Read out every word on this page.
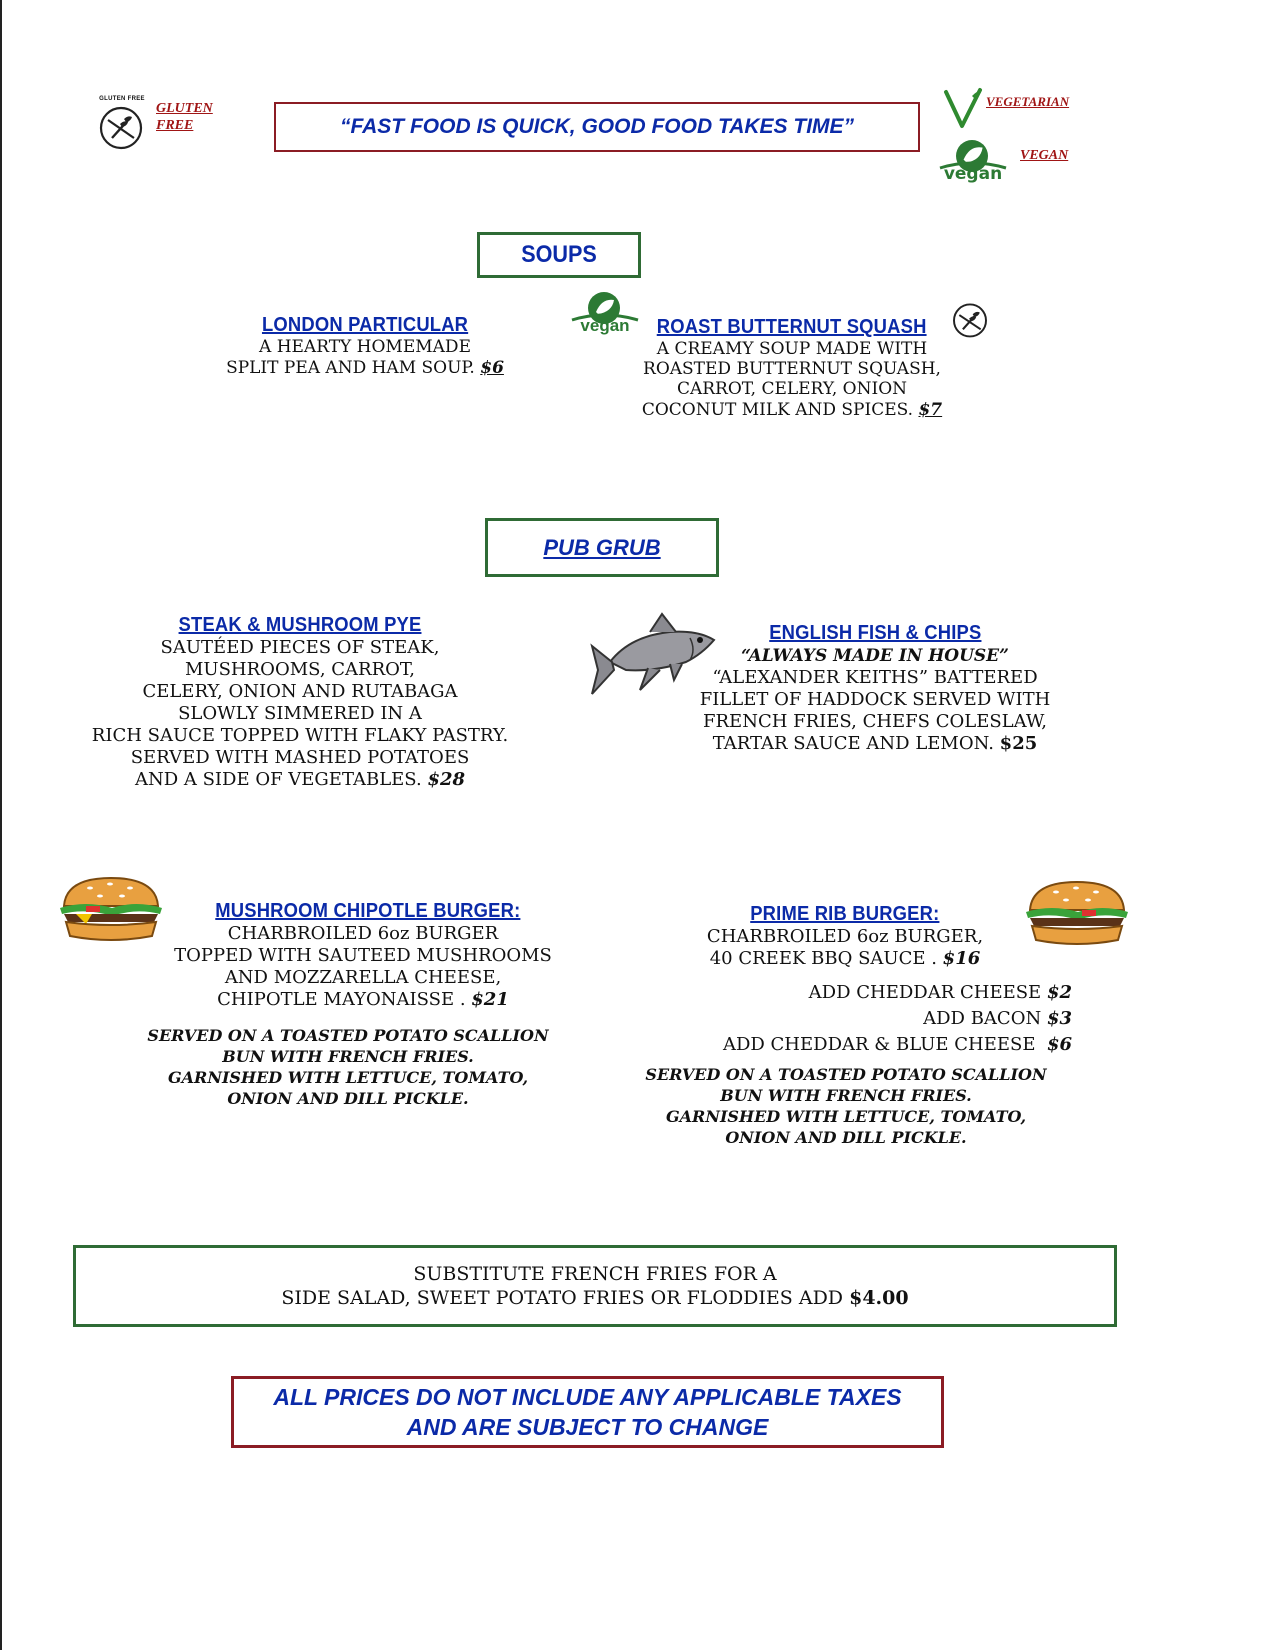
GLUTEN FREE
GLUTEN FREE	“FAST FOOD IS QUICK, GOOD FOOD TAKES TIME”
VEGETARIAN
vegan
VEGAN
SOUPS
LONDON PARTICULAR
A HEARTY HOMEMADE
SPLIT PEA AND HAM SOUP. $6
vegan	ROAST BUTTERNUT SQUASH
A CREAMY SOUP MADE WITH
ROASTED BUTTERNUT SQUASH,
CARROT, CELERY, ONION
COCONUT MILK AND SPICES. $7
PUB GRUB
STEAK & MUSHROOM PYE
SAUTÉED PIECES OF STEAK,
MUSHROOMS, CARROT,
CELERY, ONION AND RUTABAGA
SLOWLY SIMMERED IN A
RICH SAUCE TOPPED WITH FLAKY PASTRY.
SERVED WITH MASHED POTATOES
AND A SIDE OF VEGETABLES. $28
ENGLISH FISH & CHIPS
“ALWAYS MADE IN HOUSE”
“ALEXANDER KEITHS” BATTERED
FILLET OF HADDOCK SERVED WITH
FRENCH FRIES, CHEFS COLESLAW,
TARTAR SAUCE AND LEMON. $25
MUSHROOM CHIPOTLE BURGER:
CHARBROILED 6oz BURGER
TOPPED WITH SAUTEED MUSHROOMS
AND MOZZARELLA CHEESE,
CHIPOTLE MAYONAISSE . $21
SERVED ON A TOASTED POTATO SCALLION
BUN WITH FRENCH FRIES.
GARNISHED WITH LETTUCE, TOMATO,
ONION AND DILL PICKLE.
PRIME RIB BURGER:
CHARBROILED 6oz BURGER,
40 CREEK BBQ SAUCE . $16
ADD CHEDDAR CHEESE $2
ADD BACON $3
ADD CHEDDAR & BLUE CHEESE $6
SERVED ON A TOASTED POTATO SCALLION
BUN WITH FRENCH FRIES.
GARNISHED WITH LETTUCE, TOMATO,
ONION AND DILL PICKLE.
SUBSTITUTE FRENCH FRIES FOR A
SIDE SALAD, SWEET POTATO FRIES OR FLODDIES ADD $4.00
ALL PRICES DO NOT INCLUDE ANY APPLICABLE TAXES
AND ARE SUBJECT TO CHANGE
